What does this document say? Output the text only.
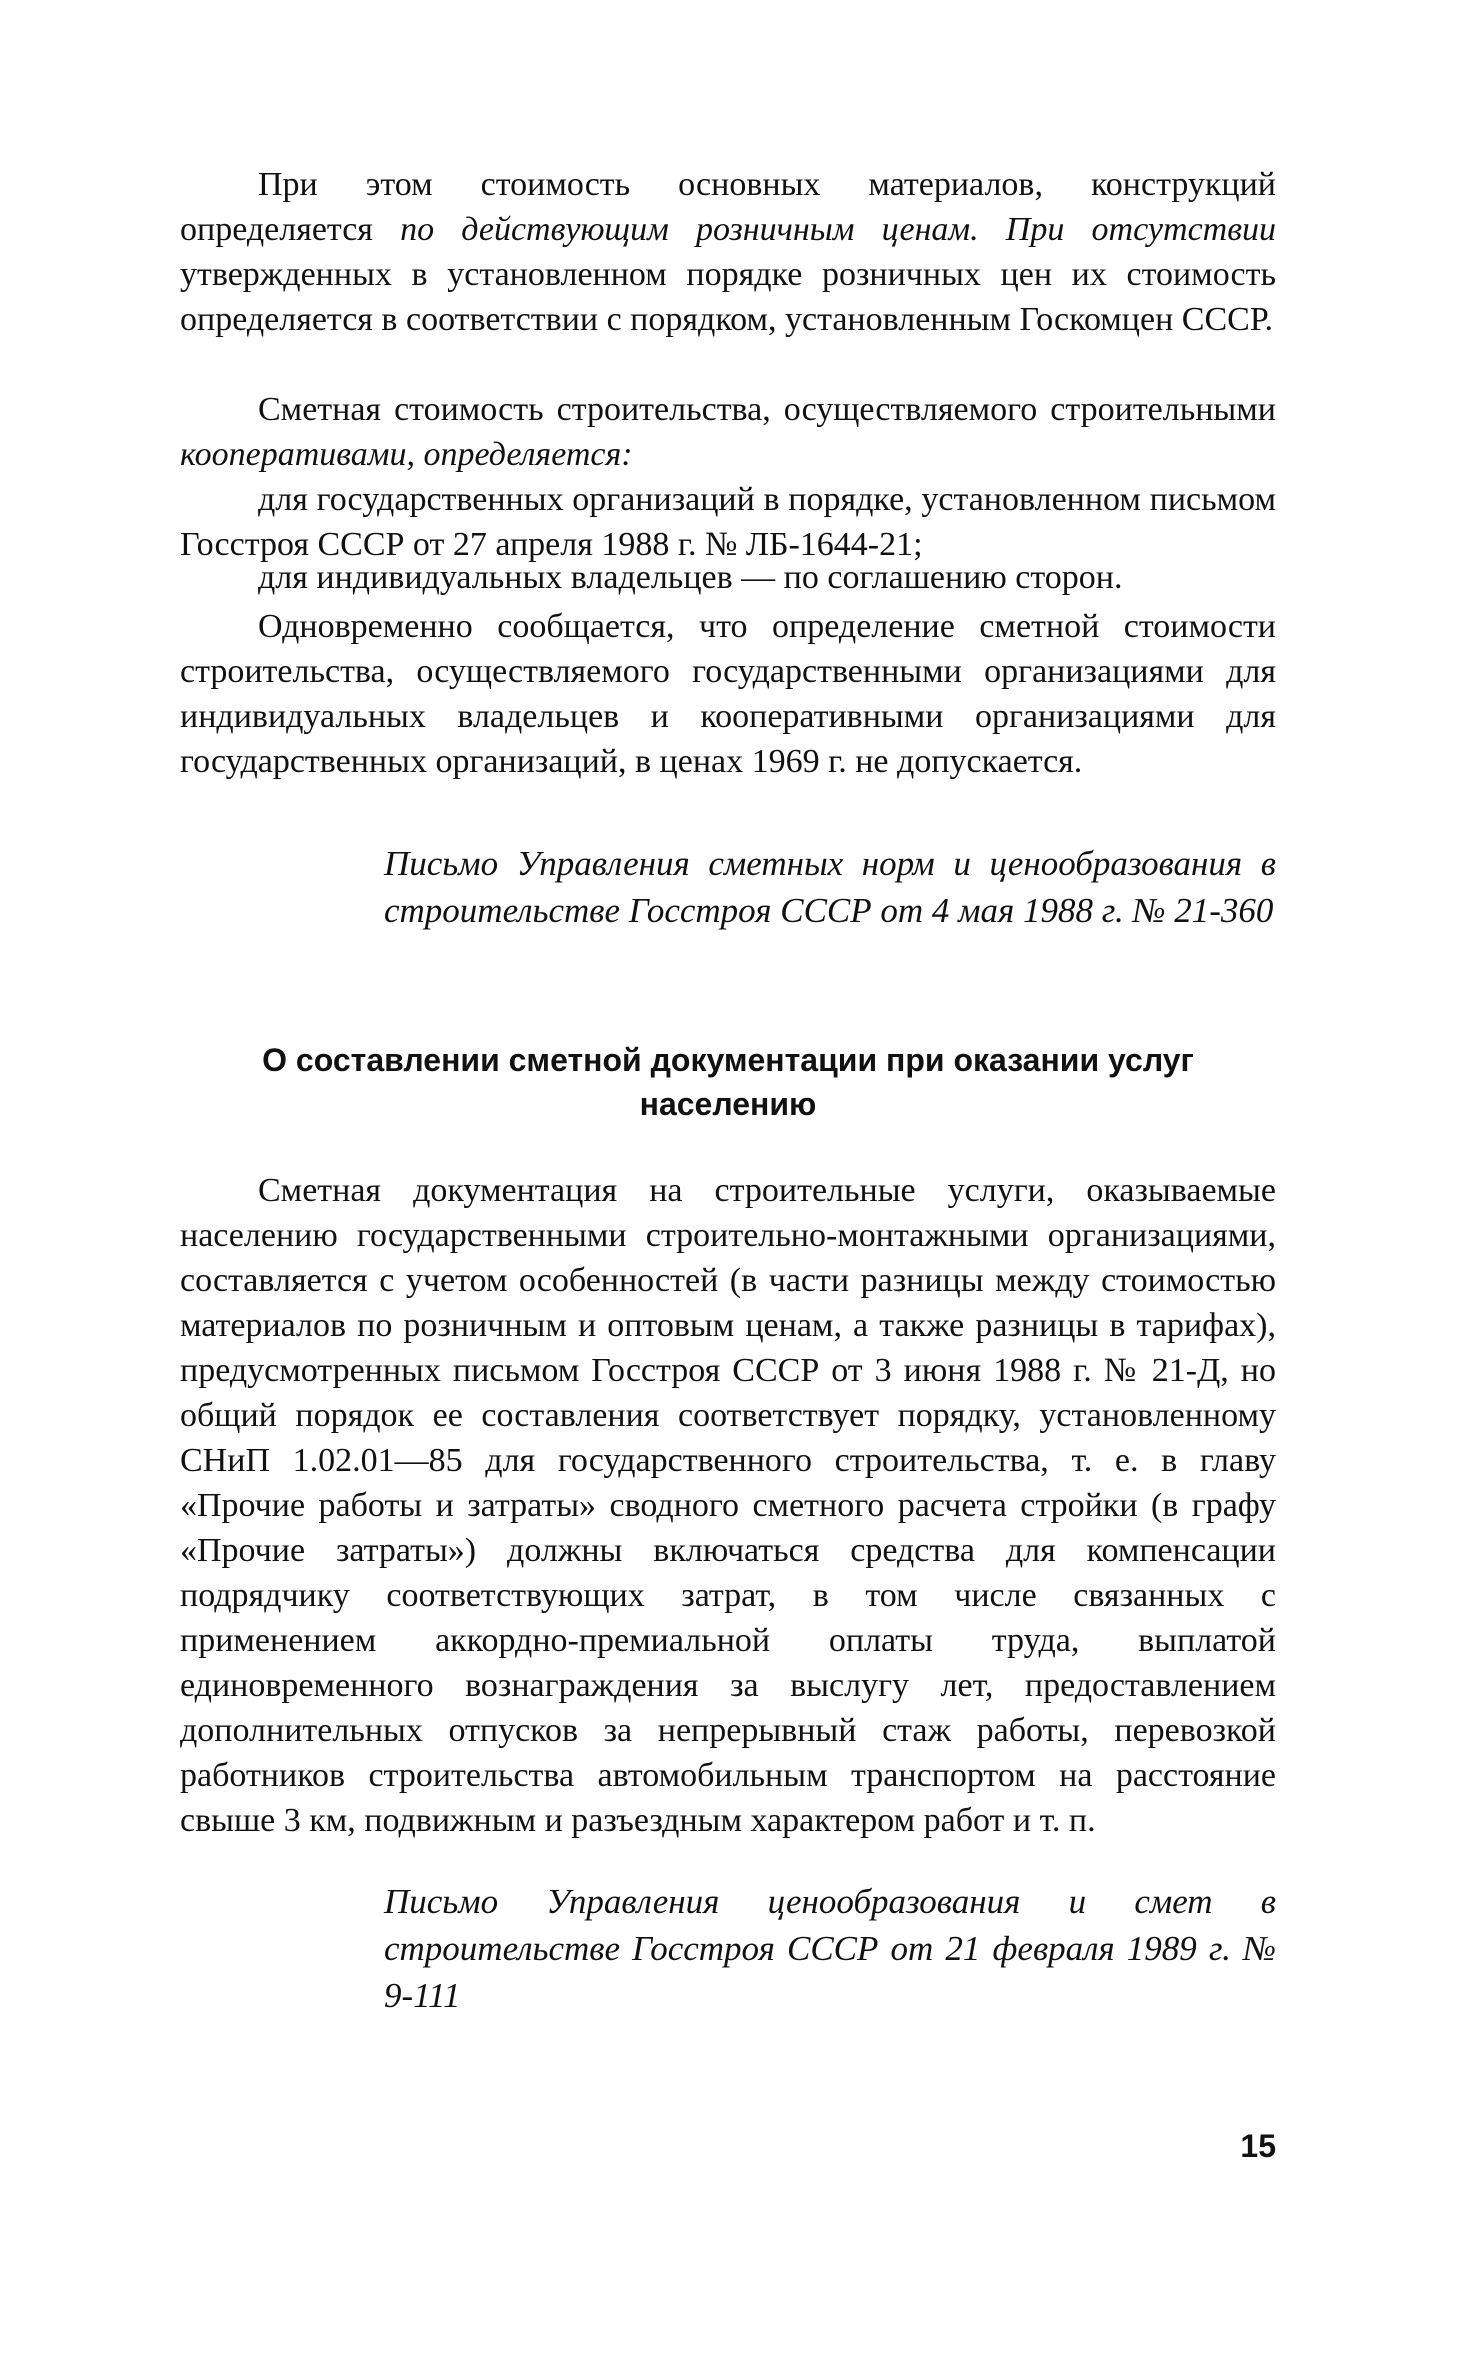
При этом стоимость основных материалов, конструкций определяется по действующим розничным ценам. При отсутствии утвержденных в установленном порядке розничных цен их стоимость определяется в соответствии с порядком, установленным Госкомцен СССР.

Сметная стоимость строительства, осуществляемого строительными кооперативами, определяется:

для государственных организаций в порядке, установленном письмом Госстроя СССР от 27 апреля 1988 г. № ЛБ-1644-21;

для индивидуальных владельцев — по соглашению сторон.

Одновременно сообщается, что определение сметной стоимости строительства, осуществляемого государственными организациями для индивидуальных владельцев и кооперативными организациями для государственных организаций, в ценах 1969 г. не допускается.

Письмо Управления сметных норм и ценообразования в строительстве Госстроя СССР от 4 мая 1988 г. № 21-360

О составлении сметной документации при оказании услуг населению

Сметная документация на строительные услуги, оказываемые населению государственными строительно-монтажными организациями, составляется с учетом особенностей (в части разницы между стоимостью материалов по розничным и оптовым ценам, а также разницы в тарифах), предусмотренных письмом Госстроя СССР от 3 июня 1988 г. № 21-Д, но общий порядок ее составления соответствует порядку, установленному СНиП 1.02.01—85 для государственного строительства, т. е. в главу «Прочие работы и затраты» сводного сметного расчета стройки (в графу «Прочие затраты») должны включаться средства для компенсации подрядчику соответствующих затрат, в том числе связанных с применением аккордно-премиальной оплаты труда, выплатой единовременного вознаграждения за выслугу лет, предоставлением дополнительных отпусков за непрерывный стаж работы, перевозкой работников строительства автомобильным транспортом на расстояние свыше 3 км, подвижным и разъездным характером работ и т. п.

Письмо Управления ценообразования и смет в строительстве Госстроя СССР от 21 февраля 1989 г. № 9-111

15
